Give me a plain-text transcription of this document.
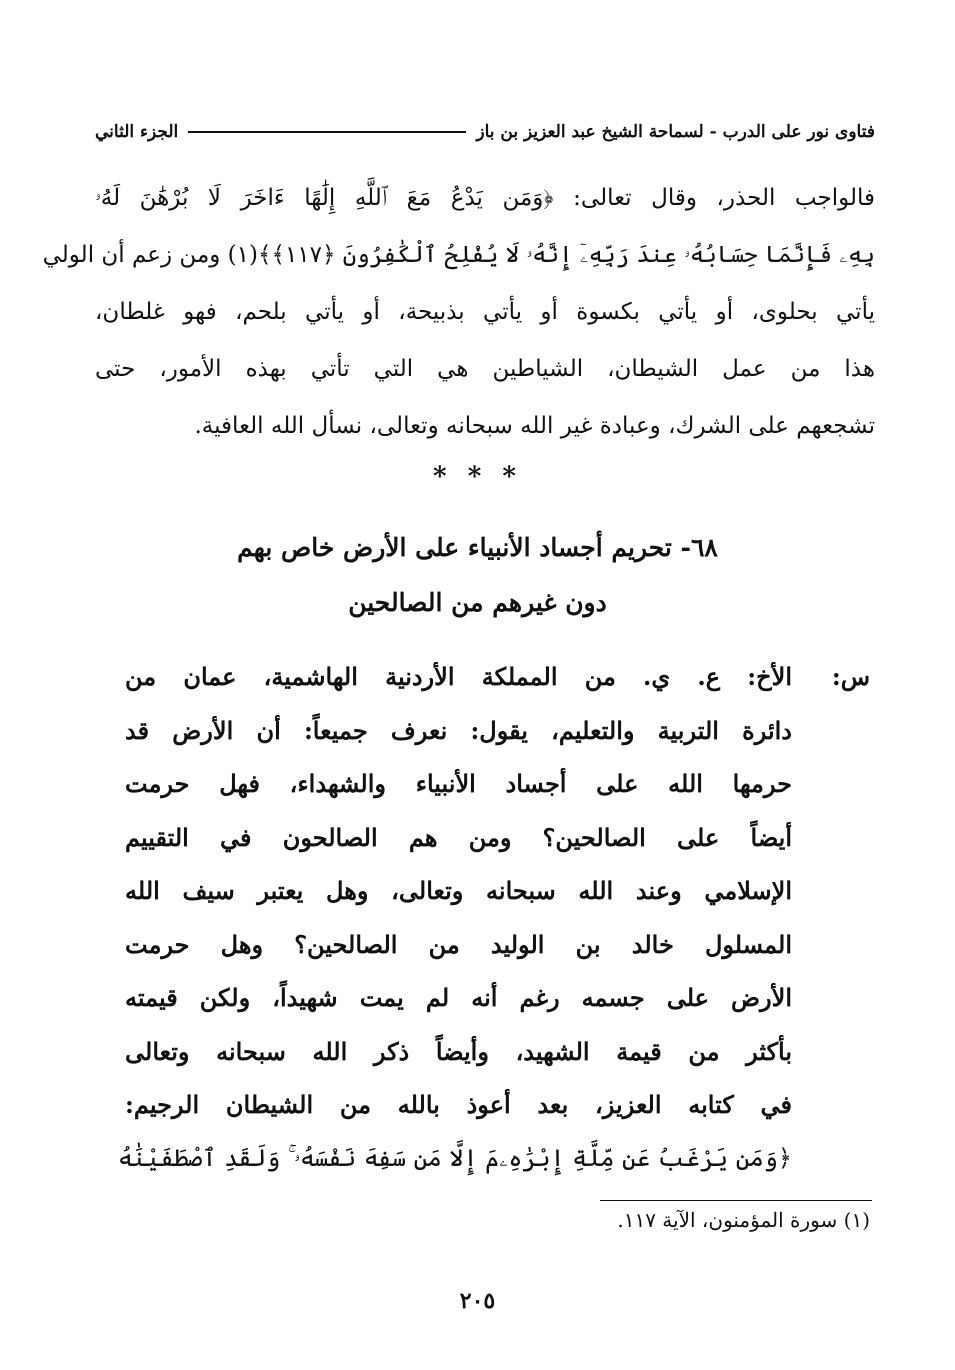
فتاوى نور على الدرب - لسماحة الشيخ عبد العزيز بن باز
الجزء الثاني
فالواجب الحذر، وقال تعالى: ﴿وَمَن يَدْعُ مَعَ ٱللَّهِ إِلَٰهًا ءَاخَرَ لَا بُرْهَٰنَ لَهُۥ
بِهِۦ فَإِنَّمَا حِسَابُهُۥ عِندَ رَبِّهِۦٓ إِنَّهُۥ لَا يُفْلِحُ ٱلْكَٰفِرُونَ ﴿١١٧﴾﴾(١) ومن زعم أن الولي
يأتي بحلوى، أو يأتي بكسوة أو يأتي بذبيحة، أو يأتي بلحم، فهو غلطان،
هذا من عمل الشيطان، الشياطين هي التي تأتي بهذه الأمور، حتى
تشجعهم على الشرك، وعبادة غير الله سبحانه وتعالى، نسأل الله العافية.
* * *
٦٨- تحريم أجساد الأنبياء على الأرض خاص بهم
دون غيرهم من الصالحين
س:
الأخ: ع. ي. من المملكة الأردنية الهاشمية، عمان من
دائرة التربية والتعليم، يقول: نعرف جميعاً: أن الأرض قد
حرمها الله على أجساد الأنبياء والشهداء، فهل حرمت
أيضاً على الصالحين؟ ومن هم الصالحون في التقييم
الإسلامي وعند الله سبحانه وتعالى، وهل يعتبر سيف الله
المسلول خالد بن الوليد من الصالحين؟ وهل حرمت
الأرض على جسمه رغم أنه لم يمت شهيداً، ولكن قيمته
بأكثر من قيمة الشهيد، وأيضاً ذكر الله سبحانه وتعالى
في كتابه العزيز، بعد أعوذ بالله من الشيطان الرجيم:
﴿وَمَن يَرْغَبُ عَن مِّلَّةِ إِبْرَٰهِۦمَ إِلَّا مَن سَفِهَ نَفْسَهُۥ ۚ وَلَقَدِ ٱصْطَفَيْنَٰهُ
(١) سورة المؤمنون، الآية ١١٧.
٢٠٥
